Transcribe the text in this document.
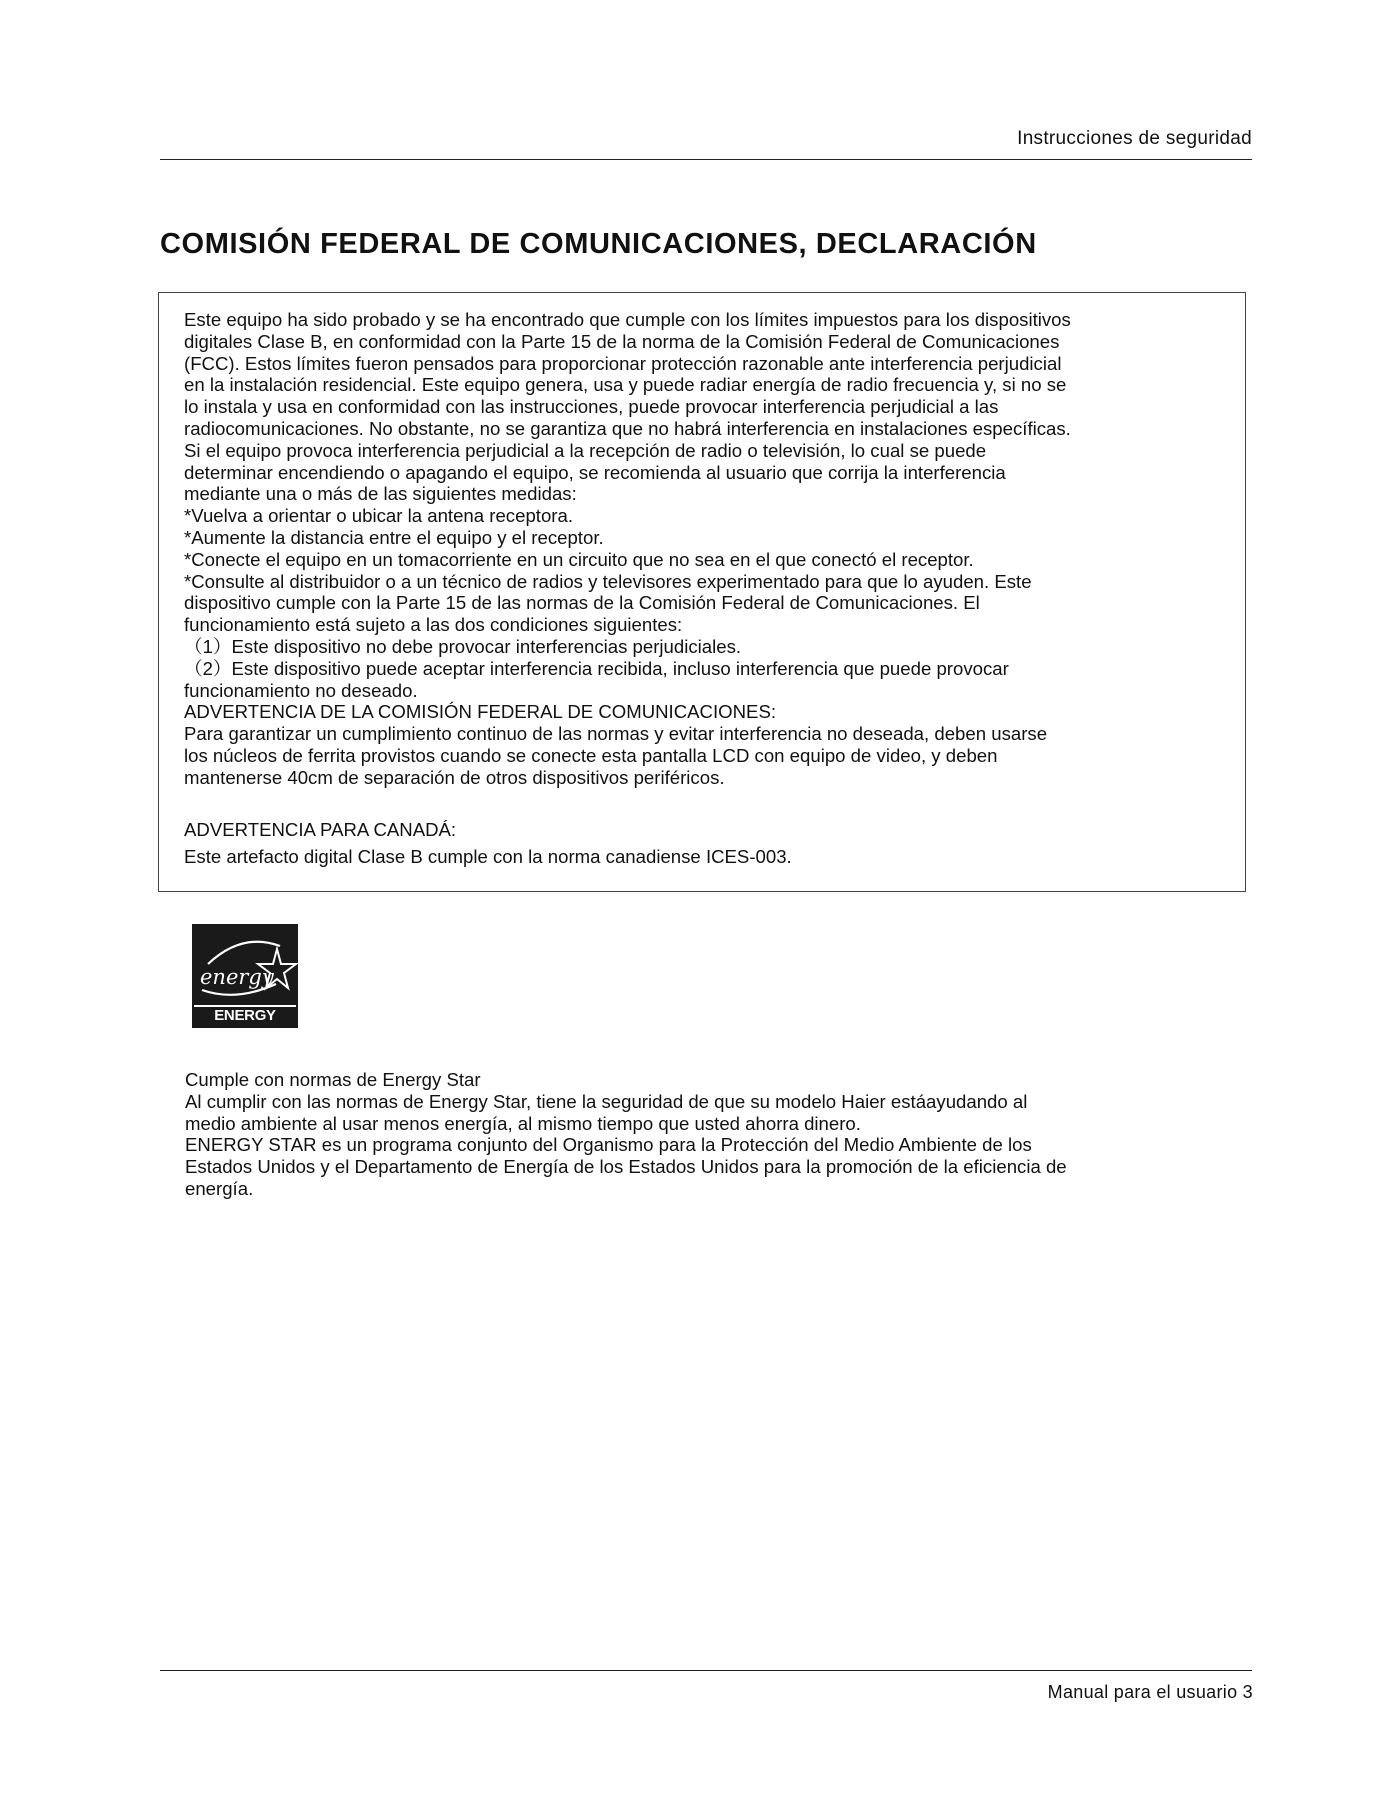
Instrucciones de seguridad
COMISIÓN FEDERAL DE COMUNICACIONES, DECLARACIÓN

Este equipo ha sido probado y se ha encontrado que cumple con los límites impuestos para los dispositivos

digitales Clase B, en conformidad con la Parte 15 de la norma de la Comisión Federal de Comunicaciones

(FCC). Estos límites fueron pensados para proporcionar protección razonable ante interferencia perjudicial

en la instalación residencial. Este equipo genera, usa y puede radiar energía de radio frecuencia y, si no se

lo instala y usa en conformidad con las instrucciones, puede provocar interferencia perjudicial a las

radiocomunicaciones. No obstante, no se garantiza que no habrá interferencia en instalaciones específicas.

Si el equipo provoca interferencia perjudicial a la recepción de radio o televisión, lo cual se puede

determinar encendiendo o apagando el equipo, se recomienda al usuario que corrija la interferencia

mediante una o más de las siguientes medidas:

*Vuelva a orientar o ubicar la antena receptora.

*Aumente la distancia entre el equipo y el receptor.

*Conecte el equipo en un tomacorriente en un circuito que no sea en el que conectó el receptor.

*Consulte al distribuidor o a un técnico de radios y televisores experimentado para que lo ayuden. Este

dispositivo cumple con la Parte 15 de las normas de la Comisión Federal de Comunicaciones. El

funcionamiento está sujeto a las dos condiciones siguientes:

（1）Este dispositivo no debe provocar interferencias perjudiciales.

（2）Este dispositivo puede aceptar interferencia recibida, incluso interferencia que puede provocar

funcionamiento no deseado.

ADVERTENCIA DE LA COMISIÓN FEDERAL DE COMUNICACIONES:

Para garantizar un cumplimiento continuo de las normas y evitar interferencia no deseada, deben usarse

los núcleos de ferrita provistos cuando se conecte esta pantalla LCD con equipo de video, y deben

mantenerse 40cm de separación de otros dispositivos periféricos.

ADVERTENCIA PARA CANADÁ:

Este artefacto digital Clase B cumple con la norma canadiense ICES-003.

energy
ENERGY STAR

Cumple con normas de Energy Star

Al cumplir con las normas de Energy Star, tiene la seguridad de que su modelo Haier estáayudando al

medio ambiente al usar menos energía, al mismo tiempo que usted ahorra dinero.

ENERGY STAR es un programa conjunto del Organismo para la Protección del Medio Ambiente de los

Estados Unidos y el Departamento de Energía de los Estados Unidos para la promoción de la eficiencia de

energía.

Manual para el usuario 3
